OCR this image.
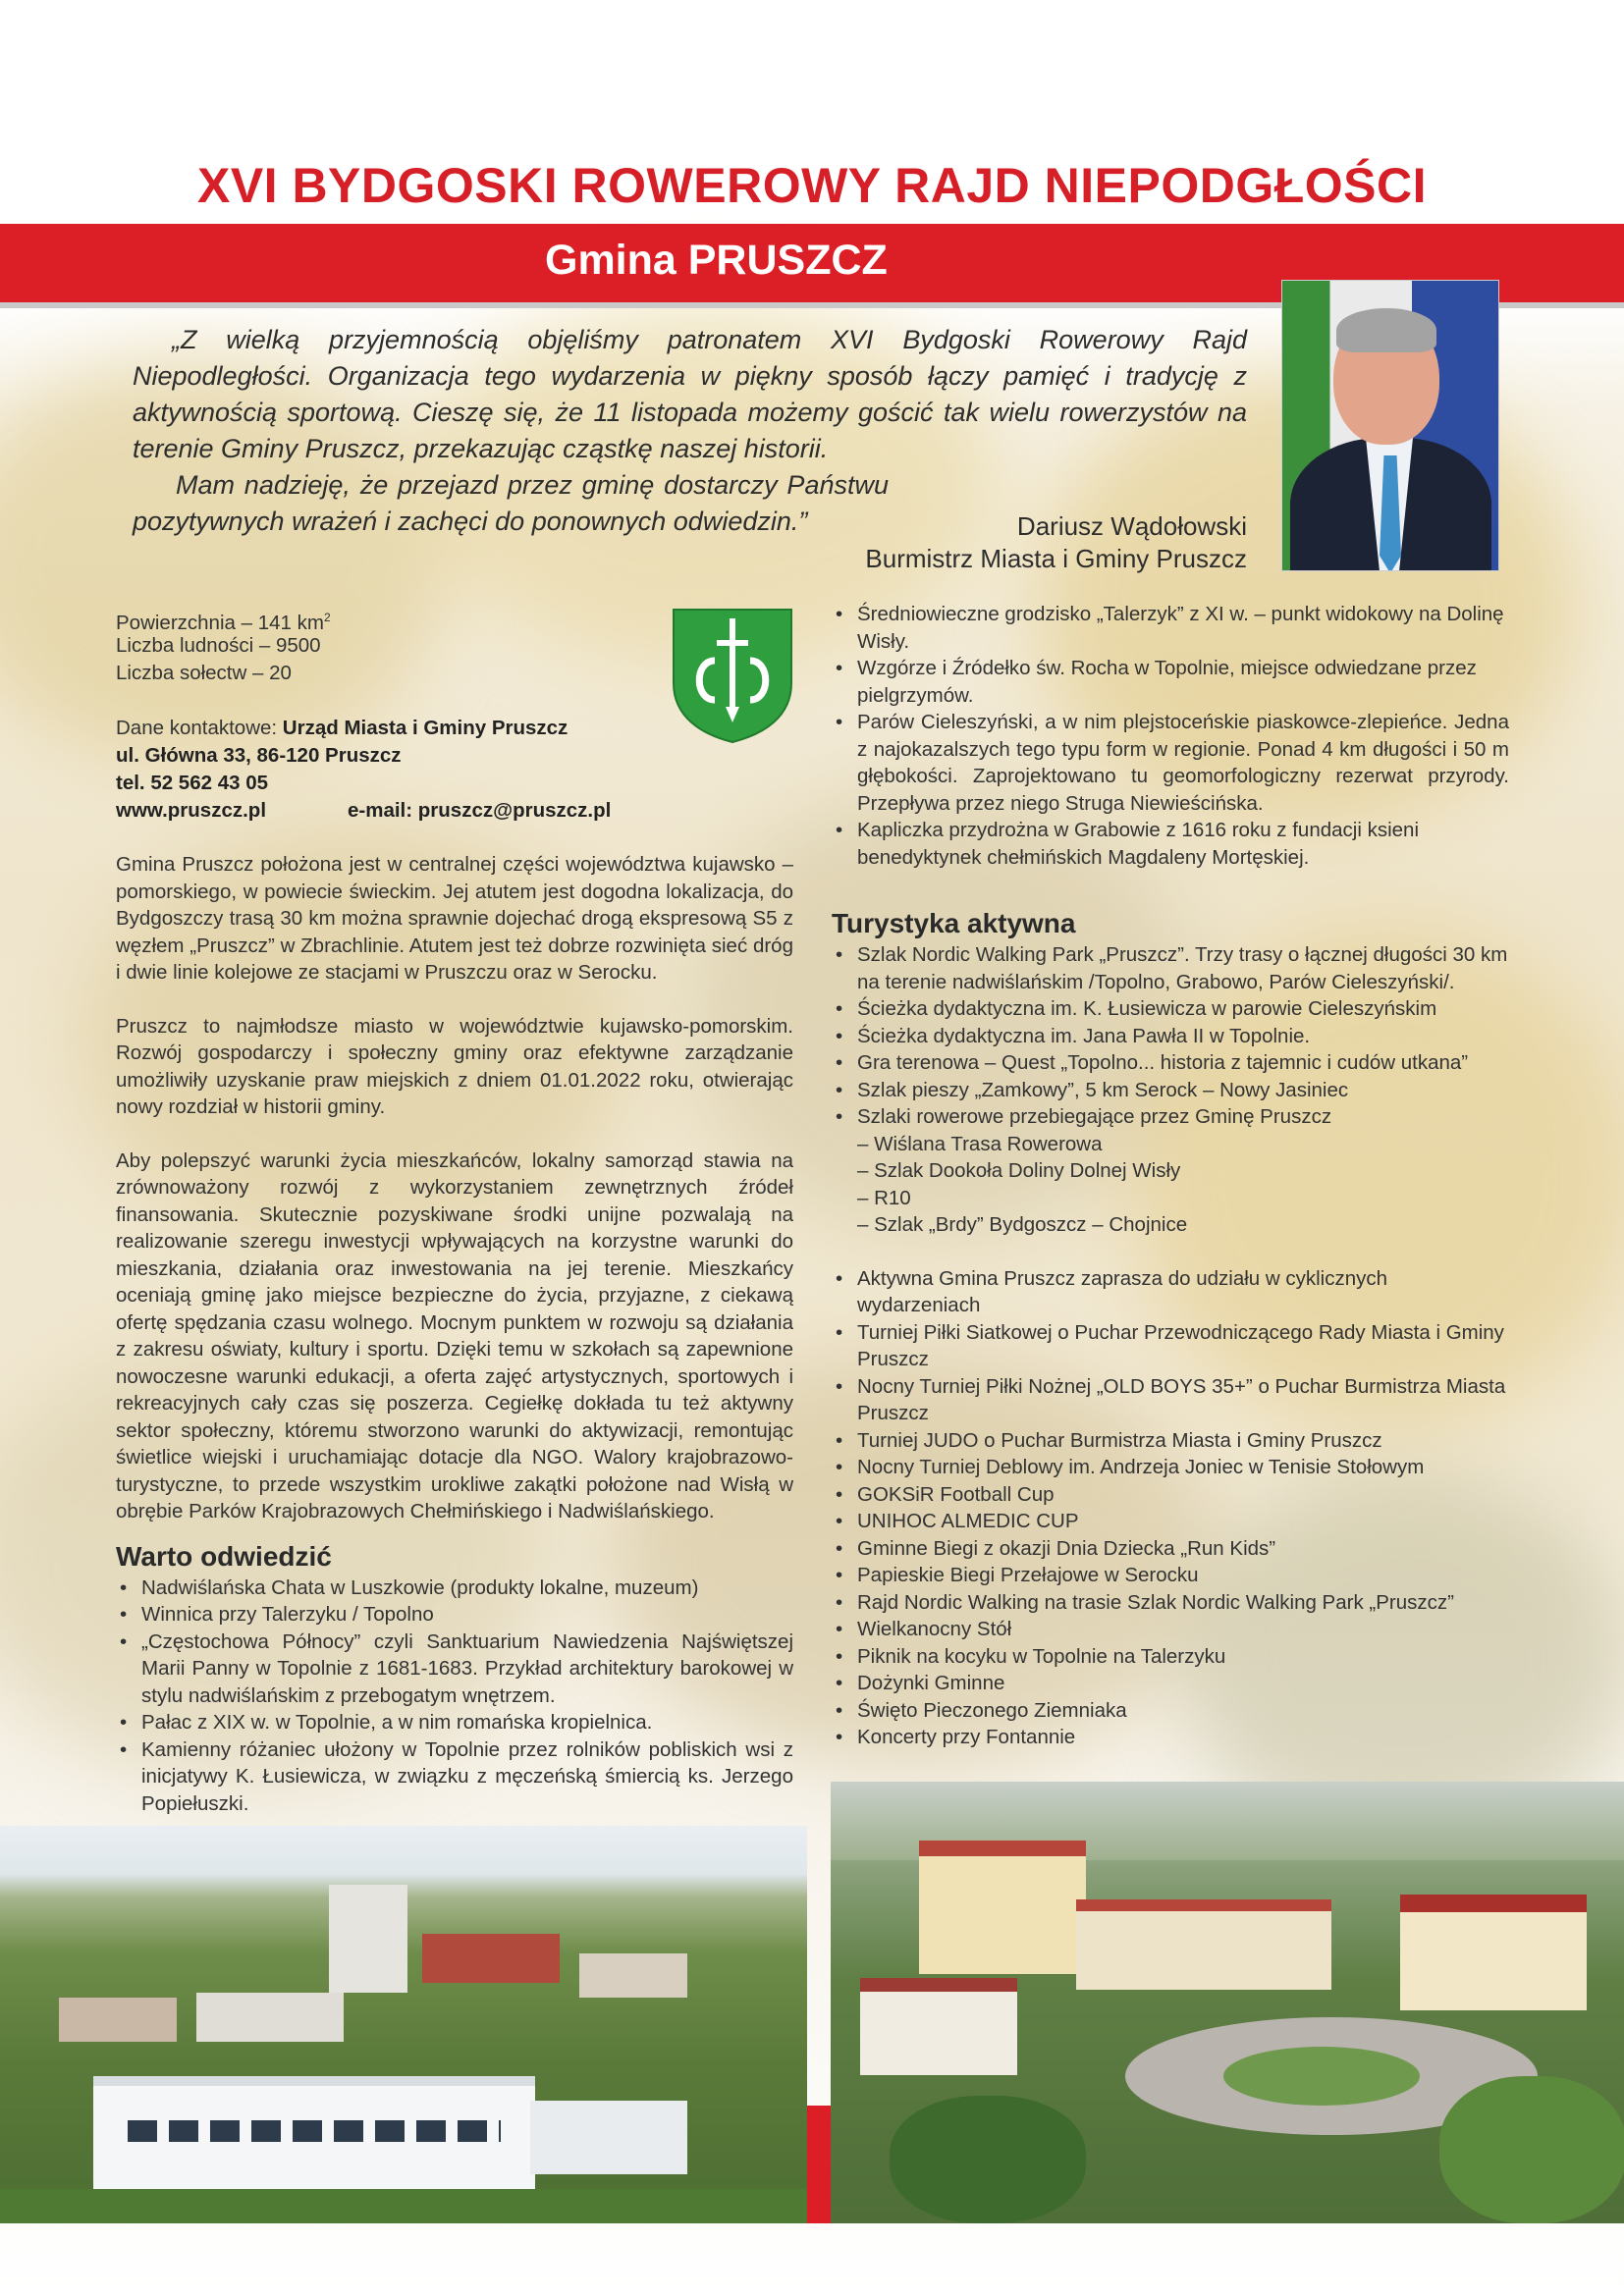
XVI BYDGOSKI ROWEROWY RAJD NIEPODGŁOŚCI
Gmina PRUSZCZ

„Z wielką przyjemnością objęliśmy patronatem XVI Bydgoski Rowerowy Rajd Niepodległości. Organizacja tego wydarzenia w piękny sposób łączy pamięć i tradycję z aktywnością sportową. Cieszę się, że 11 listopada możemy gościć tak wielu rowerzystów na terenie Gminy Pruszcz, przekazując cząstkę naszej historii.

Mam nadzieję, że przejazd przez gminę dostarczy Państwu pozytywnych wrażeń i zachęci do ponownych odwiedzin.”	Dariusz Wądołowski
Burmistrz Miasta i Gminy Pruszcz
Powierzchnia – 141 $km^2$
Liczba ludności – 9500
Liczba sołectw – 20
Dane kontaktowe: Urząd Miasta i Gminy Pruszcz
ul. Główna 33, 86-120 Pruszcz
tel. 52 562 43 05
www.pruszcz.pl	e-mail: pruszcz@pruszcz.pl

Gmina Pruszcz położona jest w centralnej części województwa kujawsko – pomorskiego, w powiecie świeckim. Jej atutem jest dogodna lokalizacja, do Bydgoszczy trasą 30 km można sprawnie dojechać drogą ekspresową S5 z węzłem „Pruszcz” w Zbrachlinie. Atutem jest też dobrze rozwinięta sieć dróg i dwie linie kolejowe ze stacjami w Pruszczu oraz w Serocku.

Pruszcz to najmłodsze miasto w województwie kujawsko-pomorskim. Rozwój gospodarczy i społeczny gminy oraz efektywne zarządzanie umożliwiły uzyskanie praw miejskich z dniem 01.01.2022 roku, otwierając nowy rozdział w historii gminy.

Aby polepszyć warunki życia mieszkańców, lokalny samorząd stawia na zrównoważony rozwój z wykorzystaniem zewnętrznych źródeł finansowania. Skutecznie pozyskiwane środki unijne pozwalają na realizowanie szeregu inwestycji wpływających na korzystne warunki do mieszkania, działania oraz inwestowania na jej terenie. Mieszkańcy oceniają gminę jako miejsce bezpieczne do życia, przyjazne, z ciekawą ofertę spędzania czasu wolnego. Mocnym punktem w rozwoju są działania z zakresu oświaty, kultury i sportu. Dzięki temu w szkołach są zapewnione nowoczesne warunki edukacji, a oferta zajęć artystycznych, sportowych i rekreacyjnych cały czas się poszerza. Cegiełkę dokłada tu też aktywny sektor społeczny, któremu stworzono warunki do aktywizacji, remontując świetlice wiejski i uruchamiając dotacje dla NGO. Walory krajobrazowo-turystyczne, to przede wszystkim urokliwe zakątki położone nad Wisłą w obrębie Parków Krajobrazowych Chełmińskiego i Nadwiślańskiego.

Warto odwiedzić
• Nadwiślańska Chata w Luszkowie (produkty lokalne, muzeum)
• Winnica przy Talerzyku / Topolno
• „Częstochowa Północy” czyli Sanktuarium Nawiedzenia Najświętszej Marii Panny w Topolnie z 1681-1683. Przykład architektury barokowej w stylu nadwiślańskim z przebogatym wnętrzem.
• Pałac z XIX w. w Topolnie, a w nim romańska kropielnica.
• Kamienny różaniec ułożony w Topolnie przez rolników pobliskich wsi z inicjatywy K. Łusiewicza, w związku z męczeńską śmiercią ks. Jerzego Popiełuszki.
• Średniowieczne grodzisko „Talerzyk” z XI w. – punkt widokowy na Dolinę Wisły.
• Wzgórze i Źródełko św. Rocha w Topolnie, miejsce odwiedzane przez pielgrzymów.
• Parów Cieleszyński, a w nim plejstoceńskie piaskowce-zlepieńce. Jedna z najokazalszych tego typu form w regionie. Ponad 4 km długości i 50 m głębokości. Zaprojektowano tu geomorfologiczny rezerwat przyrody. Przepływa przez niego Struga Niewieścińska.
• Kapliczka przydrożna w Grabowie z 1616 roku z fundacji ksieni benedyktynek chełmińskich Magdaleny Mortęskiej.
Turystyka aktywna
• Szlak Nordic Walking Park „Pruszcz”. Trzy trasy o łącznej długości 30 km na terenie nadwiślańskim /Topolno, Grabowo, Parów Cieleszyński/.
• Ścieżka dydaktyczna im. K. Łusiewicza w parowie Cieleszyńskim
• Ścieżka dydaktyczna im. Jana Pawła II w Topolnie.
• Gra terenowa – Quest „Topolno... historia z tajemnic i cudów utkana”
• Szlak pieszy „Zamkowy”, 5 km Serock – Nowy Jasiniec
• Szlaki rowerowe przebiegające przez Gminę Pruszcz
– Wiślana Trasa Rowerowa
– Szlak Dookoła Doliny Dolnej Wisły
– R10
– Szlak „Brdy” Bydgoszcz – Chojnice
• Aktywna Gmina Pruszcz zaprasza do udziału w cyklicznych wydarzeniach
• Turniej Piłki Siatkowej o Puchar Przewodniczącego Rady Miasta i Gminy Pruszcz
• Nocny Turniej Piłki Nożnej „OLD BOYS 35+” o Puchar Burmistrza Miasta Pruszcz
• Turniej JUDO o Puchar Burmistrza Miasta i Gminy Pruszcz
• Nocny Turniej Deblowy im. Andrzeja Joniec w Tenisie Stołowym
• GOKSiR Football Cup
• UNIHOC ALMEDIC CUP
• Gminne Biegi z okazji Dnia Dziecka „Run Kids”
• Papieskie Biegi Przełajowe w Serocku
• Rajd Nordic Walking na trasie Szlak Nordic Walking Park „Pruszcz”
• Wielkanocny Stół
• Piknik na kocyku w Topolnie na Talerzyku
• Dożynki Gminne
• Święto Pieczonego Ziemniaka
• Koncerty przy Fontannie
